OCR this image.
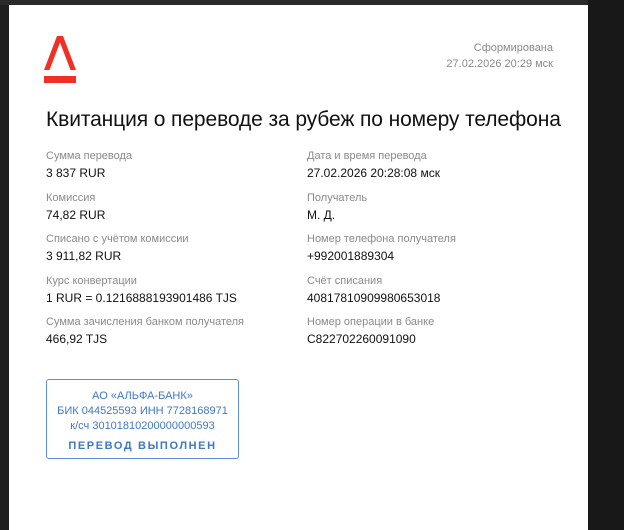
Сформирована
27.02.2026 20:29 мск
Квитанция о переводе за рубеж по номеру телефона
Сумма перевода
3 837 RUR
Комиссия
74,82 RUR
Списано с учётом комиссии
3 911,82 RUR
Курс конвертации
1 RUR = 0.1216888193901486 TJS
Сумма зачисления банком получателя
466,92 TJS
Дата и время перевода
27.02.2026 20:28:08 мск
Получатель
М. Д.
Номер телефона получателя
+992001889304
Счёт списания
40817810909980653018
Номер операции в банке
C822702260091090
АО «АЛЬФА-БАНК»
БИК 044525593 ИНН 7728168971
к/сч 30101810200000000593
ПЕРЕВОД ВЫПОЛНЕН
